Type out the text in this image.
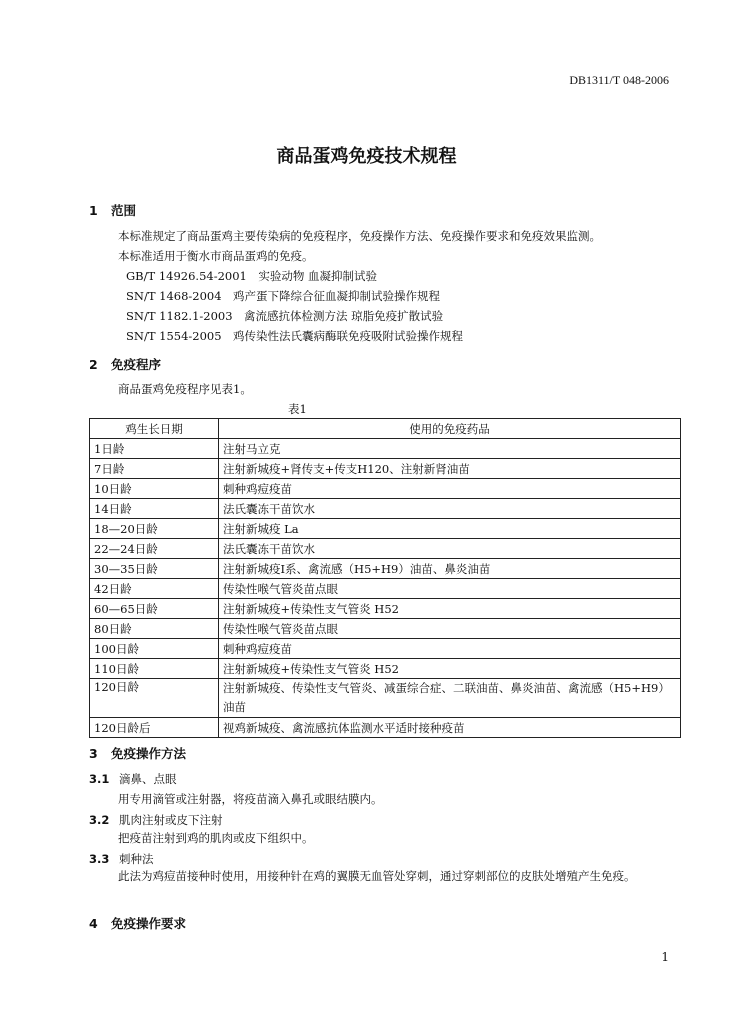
DB1311/T 048-2006
商品蛋鸡免疫技术规程
1 范围
本标准规定了商品蛋鸡主要传染病的免疫程序，免疫操作方法、免疫操作要求和免疫效果监测。
本标准适用于衡水市商品蛋鸡的免疫。
GB/T 14926.54-2001　实验动物 血凝抑制试验
SN/T 1468-2004　鸡产蛋下降综合征血凝抑制试验操作规程
SN/T 1182.1-2003　禽流感抗体检测方法 琼脂免疫扩散试验
SN/T 1554-2005　鸡传染性法氏囊病酶联免疫吸附试验操作规程
2 免疫程序
商品蛋鸡免疫程序见表1。
表1
鸡生长日期	使用的免疫药品
1日龄	注射马立克
7日龄	注射新城疫+肾传支+传支H120、注射新肾油苗
10日龄	刺种鸡痘疫苗
14日龄	法氏囊冻干苗饮水
18—20日龄	注射新城疫 La
22—24日龄	法氏囊冻干苗饮水
30—35日龄	注射新城疫Ⅰ系、禽流感（H5+H9）油苗、鼻炎油苗
42日龄	传染性喉气管炎苗点眼
60—65日龄	注射新城疫+传染性支气管炎 H52
80日龄	传染性喉气管炎苗点眼
100日龄	刺种鸡痘疫苗
110日龄	注射新城疫+传染性支气管炎 H52
120日龄	注射新城疫、传染性支气管炎、减蛋综合症、二联油苗、鼻炎油苗、禽流感（H5+H9）油苗
120日龄后	视鸡新城疫、禽流感抗体监测水平适时接种疫苗
3 免疫操作方法
3.1 滴鼻、点眼
用专用滴管或注射器，将疫苗滴入鼻孔或眼结膜内。
3.2 肌肉注射或皮下注射
把疫苗注射到鸡的肌肉或皮下组织中。
3.3 刺种法
此法为鸡痘苗接种时使用，用接种针在鸡的翼膜无血管处穿刺，通过穿刺部位的皮肤处增殖产生免疫。
4 免疫操作要求
1
